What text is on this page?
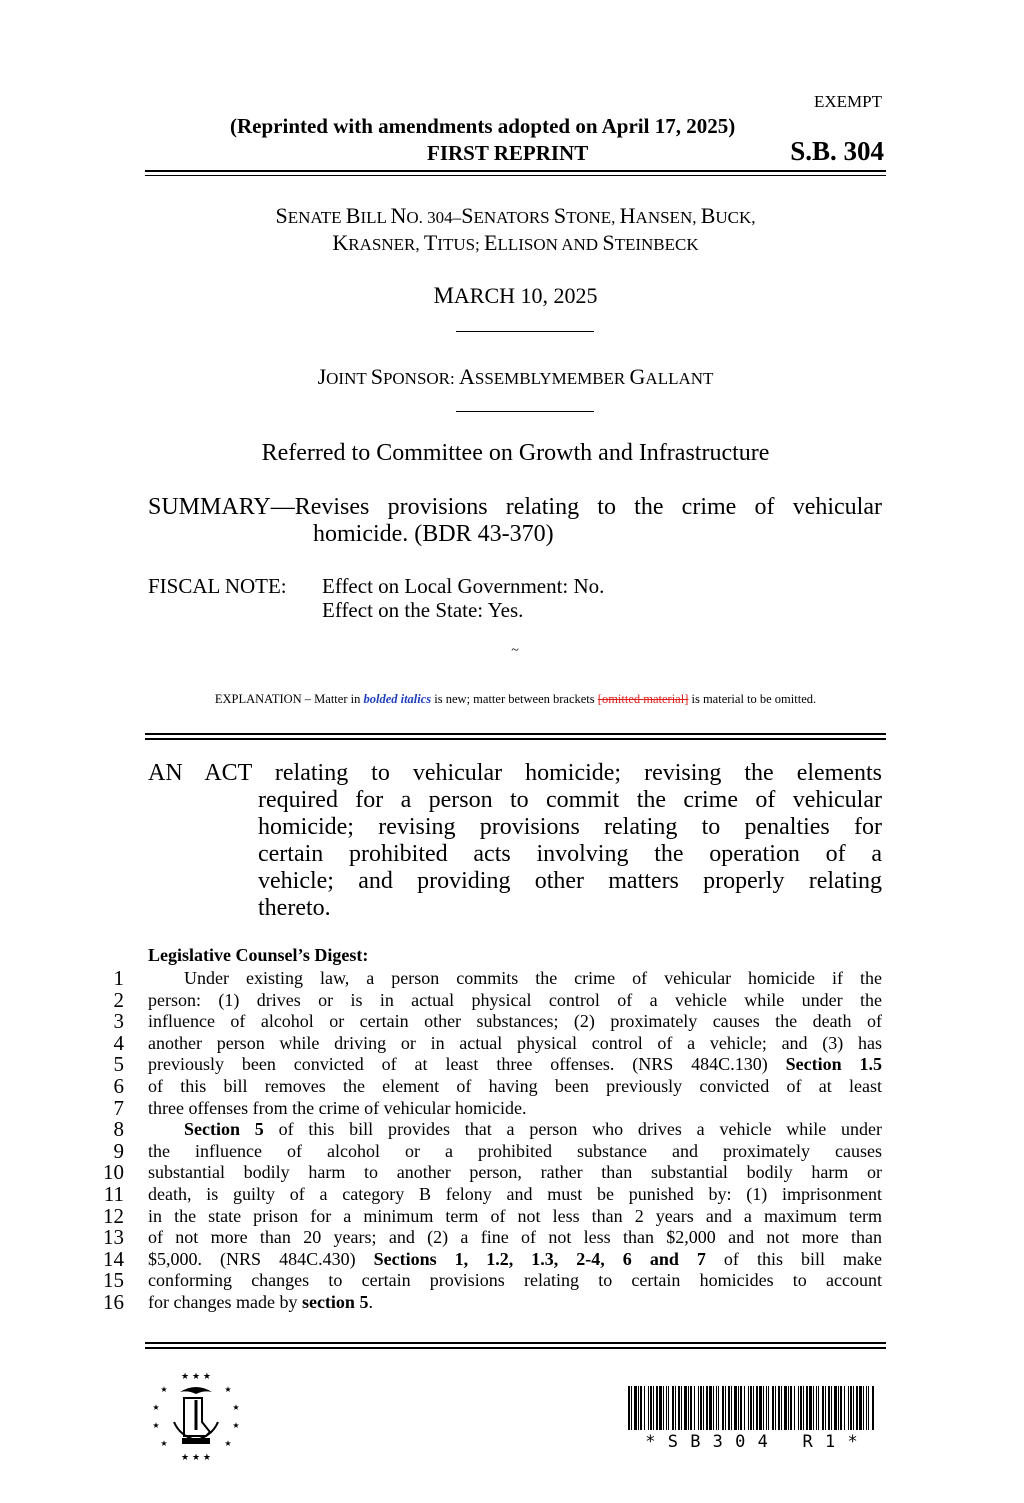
EXEMPT
(Reprinted with amendments adopted on April 17, 2025)
FIRST REPRINT	S.B. 304
SENATE BILL NO. 304–SENATORS STONE, HANSEN, BUCK,
KRASNER, TITUS; ELLISON AND STEINBECK
MARCH 10, 2025
JOINT SPONSOR: ASSEMBLYMEMBER GALLANT
Referred to Committee on Growth and Infrastructure
SUMMARY—Revises provisions relating to the crime of vehicular
homicide. (BDR 43-370)
FISCAL NOTE: Effect on Local Government: No.
Effect on the State: Yes.
~
EXPLANATION – Matter in bolded italics is new; matter between brackets [omitted material] is material to be omitted.
AN ACT relating to vehicular homicide; revising the elements
required for a person to commit the crime of vehicular
homicide; revising provisions relating to penalties for
certain prohibited acts involving the operation of a
vehicle; and providing other matters properly relating
thereto.
Legislative Counsel’s Digest:
1
2
3
4
5
6
7
8
9
10
11
12
13
14
15
16
Under existing law, a person commits the crime of vehicular homicide if the
person: (1) drives or is in actual physical control of a vehicle while under the
influence of alcohol or certain other substances; (2) proximately causes the death of
another person while driving or in actual physical control of a vehicle; and (3) has
previously been convicted of at least three offenses. (NRS 484C.130) Section 1.5
of this bill removes the element of having been previously convicted of at least
three offenses from the crime of vehicular homicide.
Section 5 of this bill provides that a person who drives a vehicle while under
the influence of alcohol or a prohibited substance and proximately causes
substantial bodily harm to another person, rather than substantial bodily harm or
death, is guilty of a category B felony and must be punished by: (1) imprisonment
in the state prison for a minimum term of not less than 2 years and a maximum term
of not more than 20 years; and (2) a fine of not less than $2,000 and not more than
$5,000. (NRS 484C.430) Sections 1, 1.2, 1.3, 2-4, 6 and 7 of this bill make
conforming changes to certain provisions relating to certain homicides to account
for changes made by section 5.
★ ★ ★
★	★
★	★
★	★
★	★
★ ★ ★
* S B 3 0 4   R 1 *
